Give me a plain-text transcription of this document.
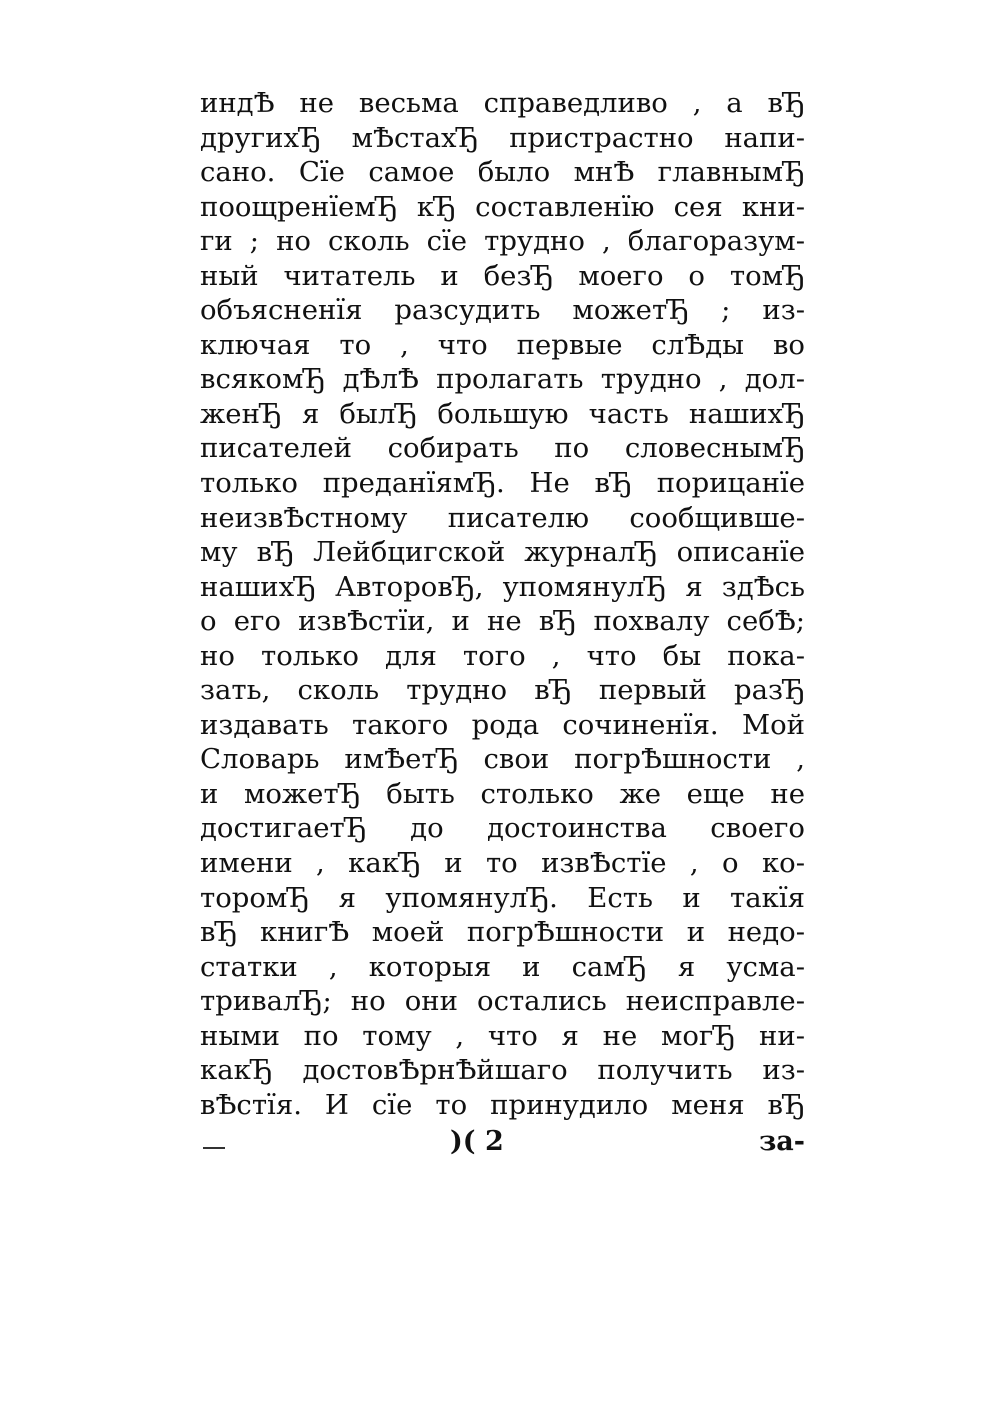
индѢ не весьма справедливо , а вЂ
другихЂ мѢстахЂ пристрастно напи-
сано. Сїе самое было мнѢ главнымЂ
поощренїемЂ кЂ составленїю сея кни-
ги ; но сколь сїе трудно , благоразум-
ный читатель и безЂ моего о томЂ
объясненїя разсудить можетЂ ; из-
ключая то , что первые слѢды во
всякомЂ дѢлѢ пролагать трудно , дол-
женЂ я былЂ большую часть нашихЂ
писателей собирать по словеснымЂ
только преданїямЂ. Не вЂ порицанїе
неизвѢстному писателю сообщивше-
му вЂ Лейбцигской журналЂ описанїе
нашихЂ АвторовЂ, упомянулЂ я здѢсь
о его извѢстїи, и не вЂ похвалу себѢ;
но только для того , что бы пока-
зать, сколь трудно вЂ первый разЂ
издавать такого рода сочиненїя. Мой
Словарь имѢетЂ свои погрѢшности ,
и можетЂ быть столько же еще не
достигаетЂ до достоинства своего
имени , какЂ и то извѢстїе , о ко-
торомЂ я упомянулЂ. Есть и такїя
вЂ книгѢ моей погрѢшности и недо-
статки , которыя и самЂ я усма-
тривалЂ; но они остались неисправле-
ными по тому , что я не могЂ ни-
какЂ достовѢрнѢйшаго получить из-
вѢстїя. И сїе то принудило меня вЂ
)( 2	за-
